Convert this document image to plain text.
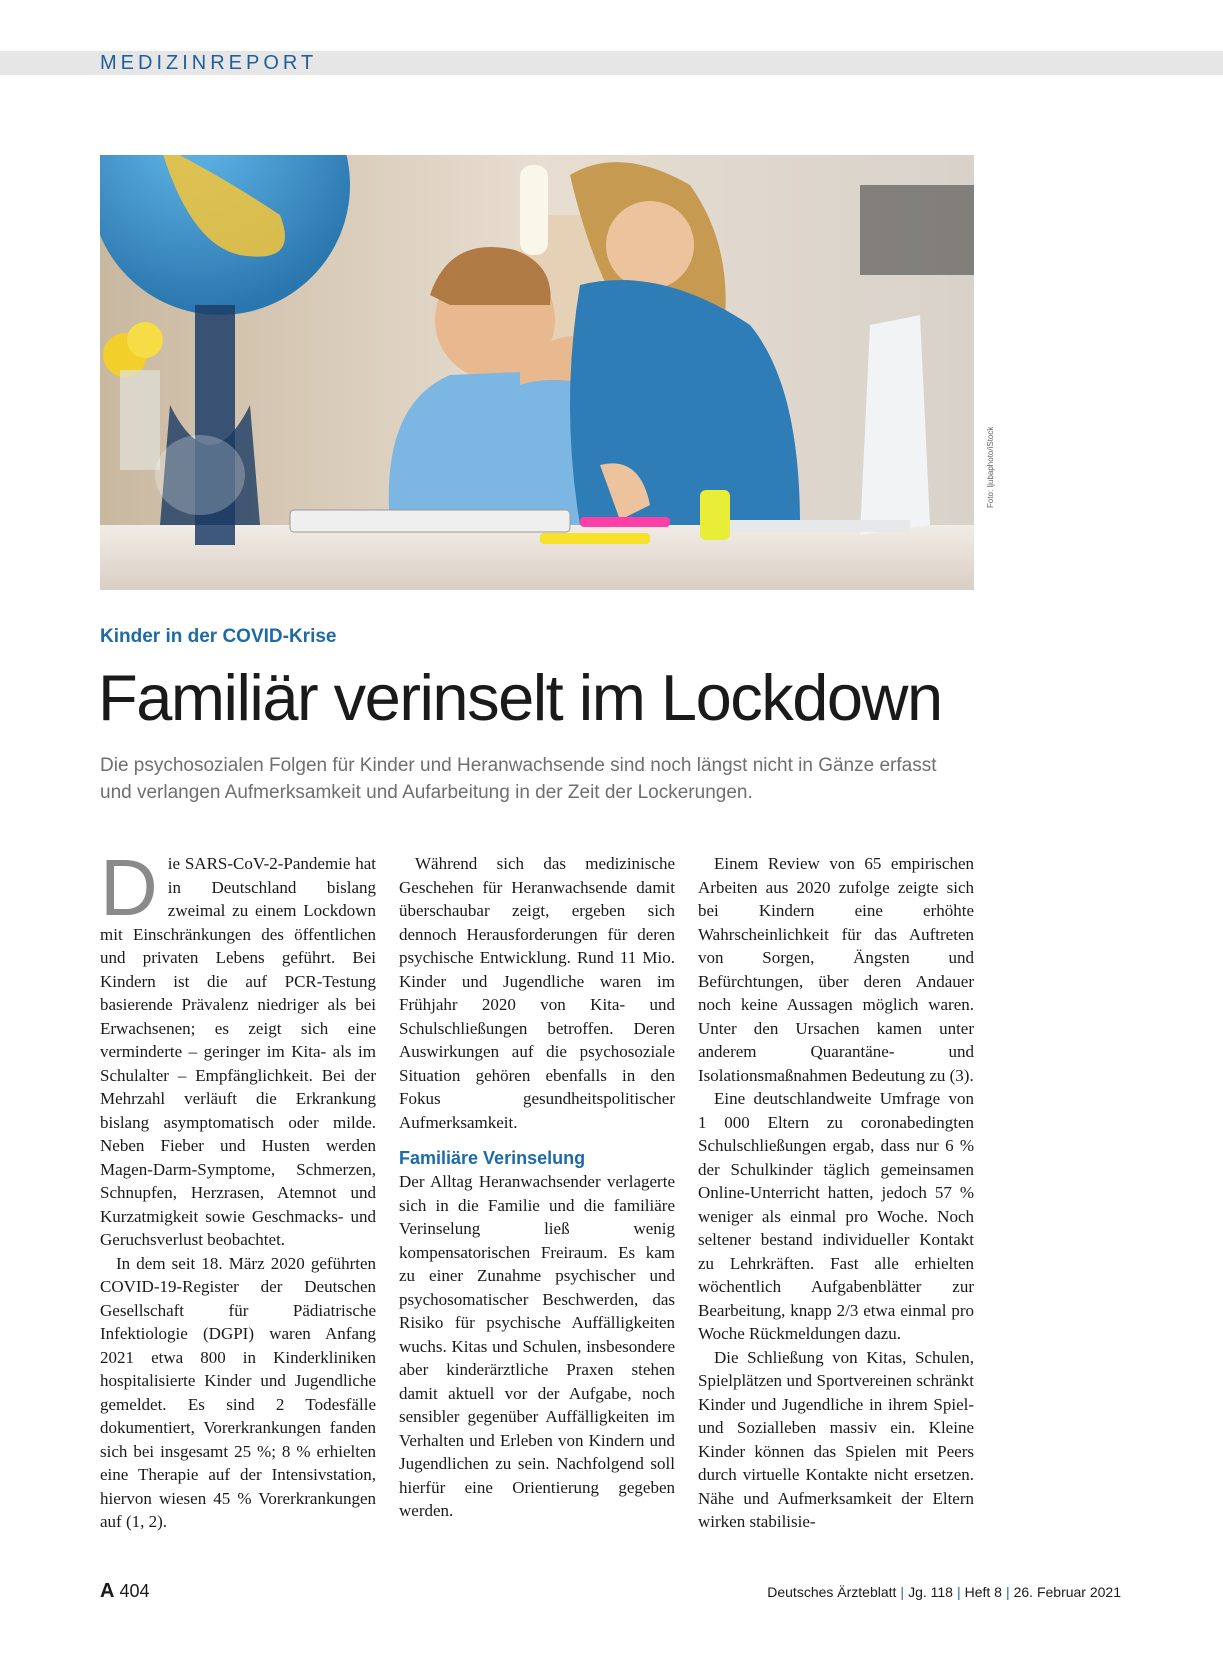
MEDIZINREPORT
Foto: ljubaphoto/iStock
Kinder in der COVID-Krise
Familiär verinselt im Lockdown
Die psychosozialen Folgen für Kinder und Heranwachsende sind noch längst nicht in Gänze erfasst und verlangen Aufmerksamkeit und Aufarbeitung in der Zeit der Lockerungen.

Die SARS-CoV-2-Pandemie hat in Deutschland bislang zweimal zu einem Lockdown mit Einschränkungen des öffentlichen und privaten Lebens geführt. Bei Kindern ist die auf PCR-Testung basierende Prävalenz niedriger als bei Erwachsenen; es zeigt sich eine verminderte – geringer im Kita- als im Schulalter – Empfänglichkeit. Bei der Mehrzahl verläuft die Erkrankung bislang asymptomatisch oder milde. Neben Fieber und Husten werden Magen-Darm-Symptome, Schmerzen, Schnupfen, Herzrasen, Atemnot und Kurzatmigkeit sowie Geschmacks- und Geruchsverlust beobachtet.

In dem seit 18. März 2020 geführten COVID-19-Register der Deutschen Gesellschaft für Pädiatrische Infektiologie (DGPI) waren Anfang 2021 etwa 800 in Kinderkliniken hospitalisierte Kinder und Jugendliche gemeldet. Es sind 2 Todesfälle dokumentiert, Vorerkrankungen fanden sich bei insgesamt 25 %; 8 % erhielten eine Therapie auf der Intensivstation, hiervon wiesen 45 % Vorerkrankungen auf (1, 2).

Während sich das medizinische Geschehen für Heranwachsende damit überschaubar zeigt, ergeben sich dennoch Herausforderungen für deren psychische Entwicklung. Rund 11 Mio. Kinder und Jugendliche waren im Frühjahr 2020 von Kita- und Schulschließungen betroffen. Deren Auswirkungen auf die psychosoziale Situation gehören ebenfalls in den Fokus gesundheitspolitischer Aufmerksamkeit.

Familiäre Verinselung

Der Alltag Heranwachsender verlagerte sich in die Familie und die familiäre Verinselung ließ wenig kompensatorischen Freiraum. Es kam zu einer Zunahme psychischer und psychosomatischer Beschwerden, das Risiko für psychische Auffälligkeiten wuchs. Kitas und Schulen, insbesondere aber kinderärztliche Praxen stehen damit aktuell vor der Aufgabe, noch sensibler gegenüber Auffälligkeiten im Verhalten und Erleben von Kindern und Jugendlichen zu sein. Nachfolgend soll hierfür eine Orientierung gegeben werden.

Einem Review von 65 empirischen Arbeiten aus 2020 zufolge zeigte sich bei Kindern eine erhöhte Wahrscheinlichkeit für das Auftreten von Sorgen, Ängsten und Befürchtungen, über deren Andauer noch keine Aussagen möglich waren. Unter den Ursachen kamen unter anderem Quarantäne- und Isolationsmaßnahmen Bedeutung zu (3).

Eine deutschlandweite Umfrage von 1 000 Eltern zu coronabedingten Schulschließungen ergab, dass nur 6 % der Schulkinder täglich gemeinsamen Online-Unterricht hatten, jedoch 57 % weniger als einmal pro Woche. Noch seltener bestand individueller Kontakt zu Lehrkräften. Fast alle erhielten wöchentlich Aufgabenblätter zur Bearbeitung, knapp 2/3 etwa einmal pro Woche Rückmeldungen dazu.

Die Schließung von Kitas, Schulen, Spielplätzen und Sportvereinen schränkt Kinder und Jugendliche in ihrem Spiel- und Sozialleben massiv ein. Kleine Kinder können das Spielen mit Peers durch virtuelle Kontakte nicht ersetzen. Nähe und Aufmerksamkeit der Eltern wirken stabilisie-

A 404	Deutsches Ärzteblatt | Jg. 118 | Heft 8 | 26. Februar 2021
